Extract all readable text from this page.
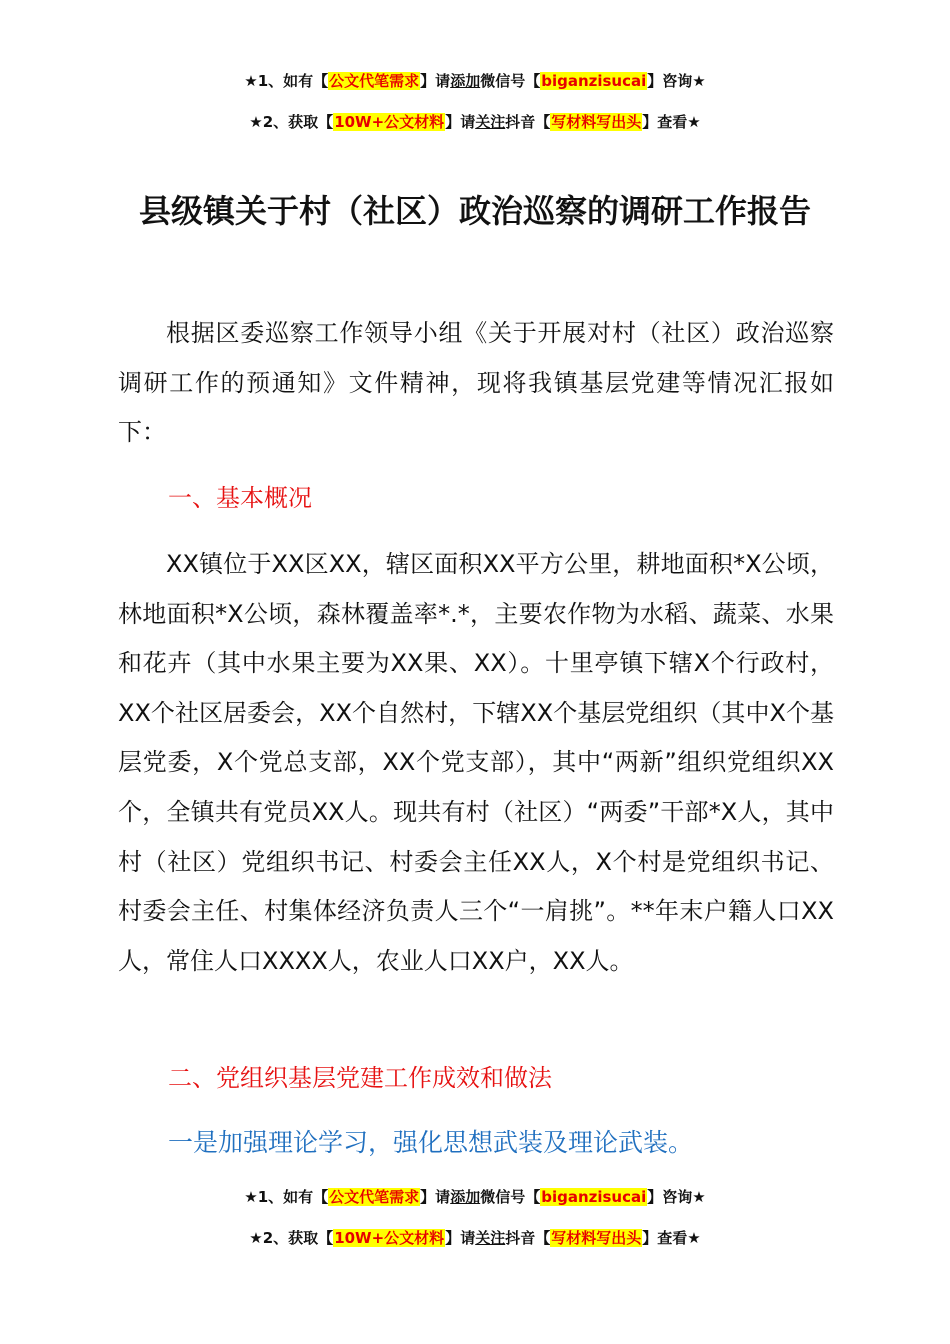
★1、如有【公文代笔需求】请添加微信号【biganzisucai】咨询★
★2、获取【10W+公文材料】请关注抖音【写材料写出头】查看★
县级镇关于村（社区）政治巡察的调研工作报告

根据区委巡察工作领导小组《关于开展对村（社区）政治巡察调研工作的预通知》文件精神，现将我镇基层党建等情况汇报如下：

一、基本概况

XX镇位于XX区XX，辖区面积XX平方公里，耕地面积*X公顷，林地面积*X公顷，森林覆盖率*.*，主要农作物为水稻、蔬菜、水果和花卉（其中水果主要为XX果、XX）。十里亭镇下辖X个行政村，XX个社区居委会，XX个自然村，下辖XX个基层党组织（其中X个基层党委，X个党总支部，XX个党支部），其中“两新”组织党组织XX个，全镇共有党员XX人。现共有村（社区）“两委”干部*X人，其中村（社区）党组织书记、村委会主任XX人，X个村是党组织书记、村委会主任、村集体经济负责人三个“一肩挑”。**年末户籍人口XX人，常住人口XXXX人，农业人口XX户，XX人。

二、党组织基层党建工作成效和做法
一是加强理论学习，强化思想武装及理论武装。
★1、如有【公文代笔需求】请添加微信号【biganzisucai】咨询★
★2、获取【10W+公文材料】请关注抖音【写材料写出头】查看★
